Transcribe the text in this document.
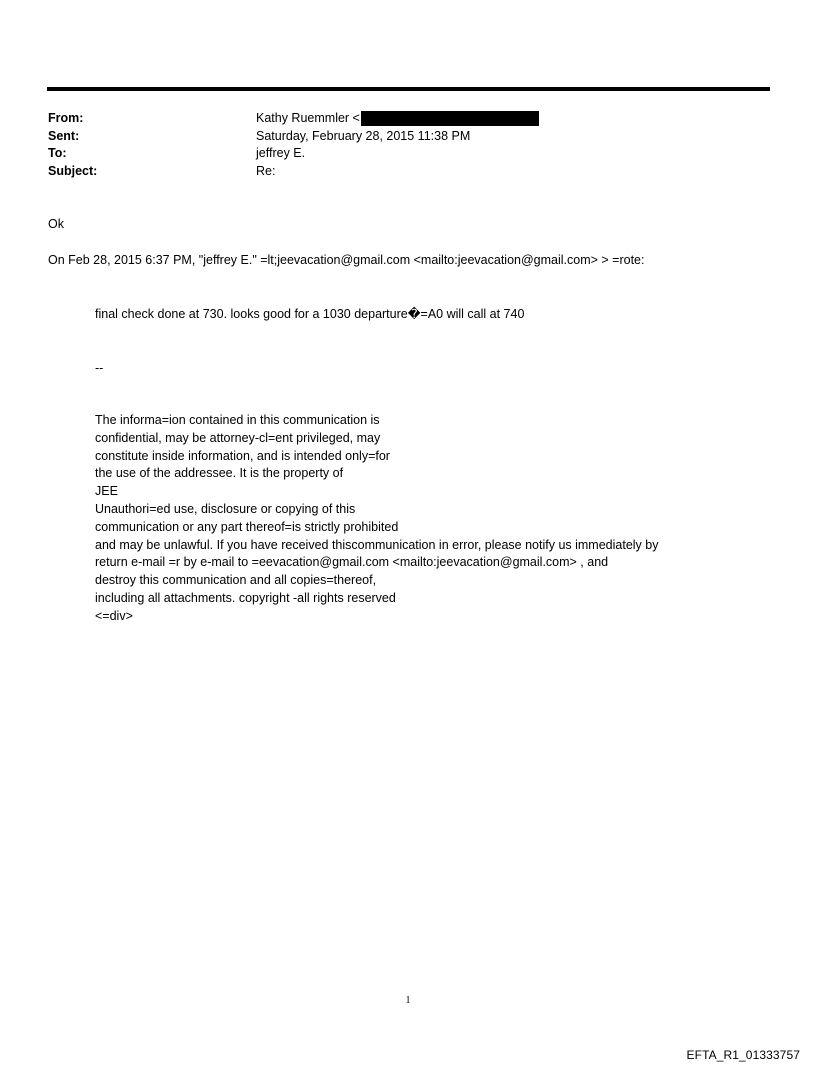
From:	Kathy Ruemmler <
Sent:	Saturday, February 28, 2015 11:38 PM
To:	jeffrey E.
Subject:	Re:
Ok
On Feb 28, 2015 6:37 PM, "jeffrey E." =lt;jeevacation@gmail.com <mailto:jeevacation@gmail.com> > =rote:
final check done at 730. looks good for a 1030 departure�=A0 will call at 740
--
The informa=ion contained in this communication is
confidential, may be attorney-cl=ent privileged, may
constitute inside information, and is intended only=for
the use of the addressee. It is the property of
JEE
Unauthori=ed use, disclosure or copying of this
communication or any part thereof=is strictly prohibited
and may be unlawful. If you have received thiscommunication in error, please notify us immediately by
return e-mail =r by e-mail to =eevacation@gmail.com <mailto:jeevacation@gmail.com> , and
destroy this communication and all copies=thereof,
including all attachments. copyright -all rights reserved
<=div>
1
EFTA_R1_01333757
